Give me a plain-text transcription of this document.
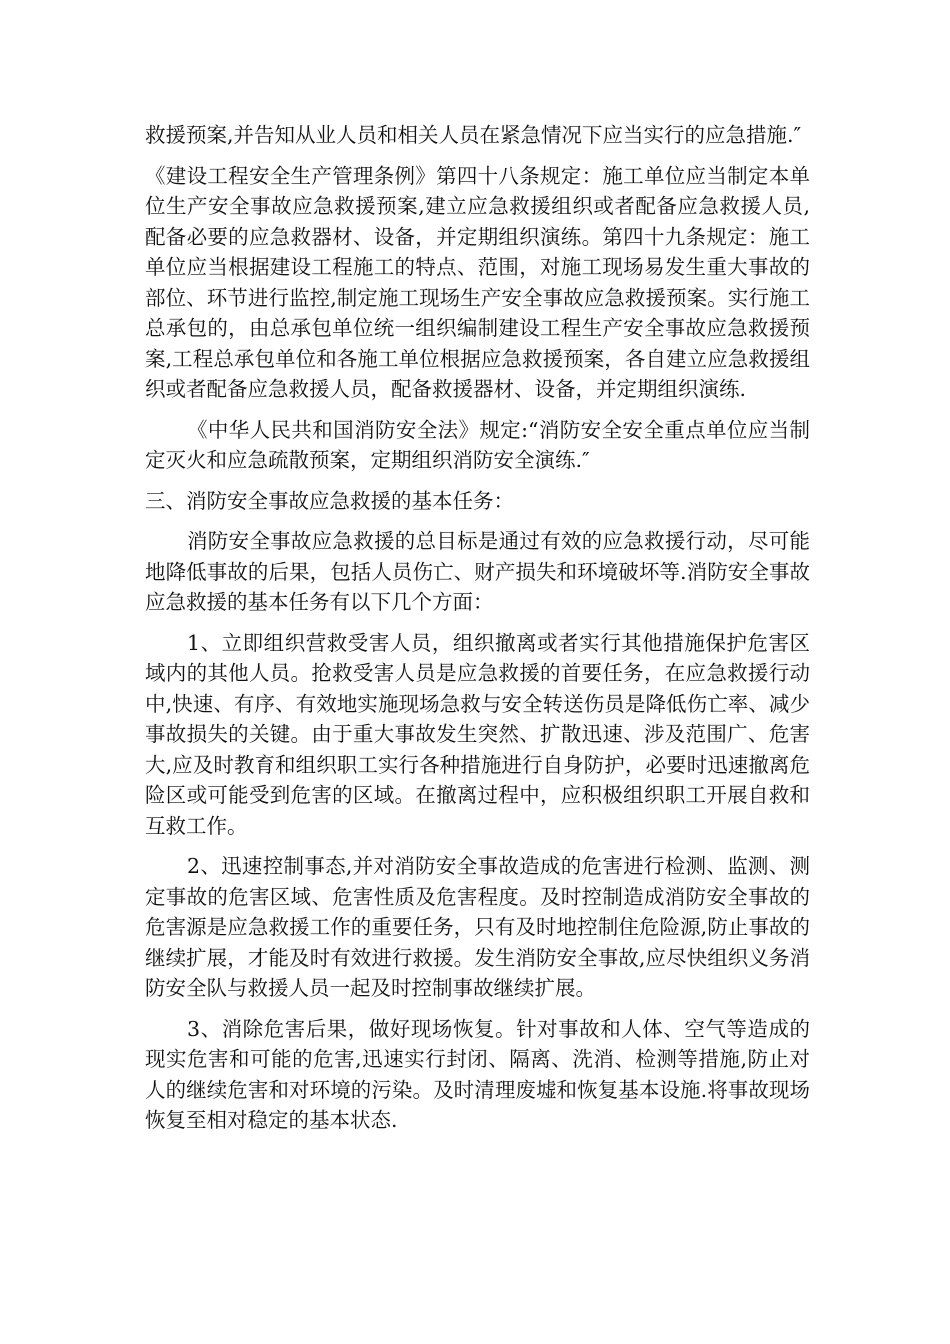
救援预案,并告知从业人员和相关人员在紧急情况下应当实行的应急措施.″

《建设工程安全生产管理条例》第四十八条规定：施工单位应当制定本单位生产安全事故应急救援预案,建立应急救援组织或者配备应急救援人员,配备必要的应急救器材、设备，并定期组织演练。第四十九条规定：施工单位应当根据建设工程施工的特点、范围，对施工现场易发生重大事故的部位、环节进行监控,制定施工现场生产安全事故应急救援预案。实行施工总承包的，由总承包单位统一组织编制建设工程生产安全事故应急救援预案,工程总承包单位和各施工单位根据应急救援预案，各自建立应急救援组织或者配备应急救援人员，配备救援器材、设备，并定期组织演练.

《中华人民共和国消防安全法》规定:“消防安全安全重点单位应当制定灭火和应急疏散预案，定期组织消防安全演练.″

三、消防安全事故应急救援的基本任务：

消防安全事故应急救援的总目标是通过有效的应急救援行动，尽可能地降低事故的后果，包括人员伤亡、财产损失和环境破坏等.消防安全事故应急救援的基本任务有以下几个方面：

1、立即组织营救受害人员，组织撤离或者实行其他措施保护危害区域内的其他人员。抢救受害人员是应急救援的首要任务，在应急救援行动中,快速、有序、有效地实施现场急救与安全转送伤员是降低伤亡率、减少事故损失的关键。由于重大事故发生突然、扩散迅速、涉及范围广、危害大,应及时教育和组织职工实行各种措施进行自身防护，必要时迅速撤离危险区或可能受到危害的区域。在撤离过程中，应积极组织职工开展自救和互救工作。

2、迅速控制事态,并对消防安全事故造成的危害进行检测、监测、测定事故的危害区域、危害性质及危害程度。及时控制造成消防安全事故的危害源是应急救援工作的重要任务，只有及时地控制住危险源,防止事故的继续扩展，才能及时有效进行救援。发生消防安全事故,应尽快组织义务消防安全队与救援人员一起及时控制事故继续扩展。

3、消除危害后果，做好现场恢复。针对事故和人体、空气等造成的现实危害和可能的危害,迅速实行封闭、隔离、洗消、检测等措施,防止对人的继续危害和对环境的污染。及时清理废墟和恢复基本设施.将事故现场恢复至相对稳定的基本状态.
